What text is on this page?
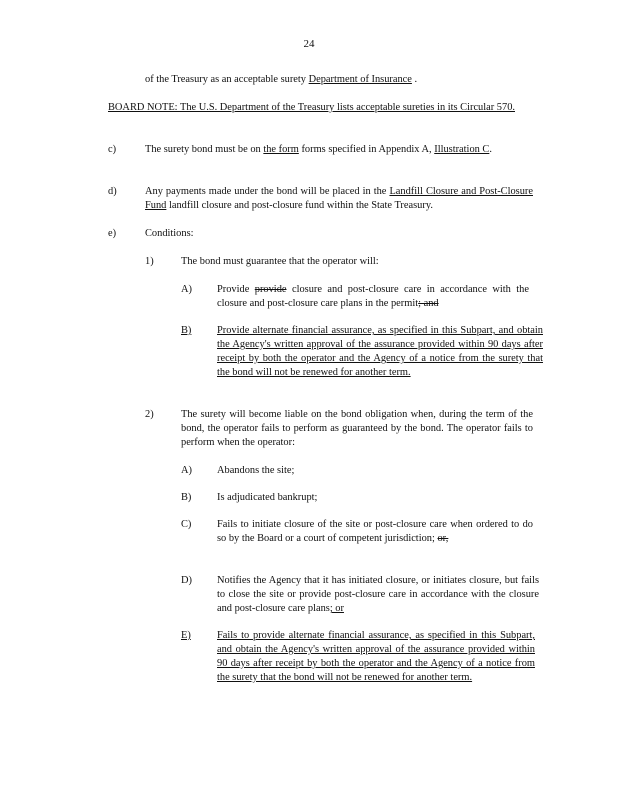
24
of the Treasury as an acceptable surety Department of Insurance .
BOARD NOTE: The U.S. Department of the Treasury lists acceptable sureties in its Circular 570.
c)	The surety bond must be on the form forms specified in Appendix A, Illustration C.
d)	Any payments made under the bond will be placed in the Landfill Closure and Post-Closure Fund landfill closure and post-closure fund within the State Treasury.
e)	Conditions:
1)	The bond must guarantee that the operator will:
A) Provide provide closure and post-closure care in accordance with the closure and post-closure care plans in the permit; and
B) Provide alternate financial assurance, as specified in this Subpart, and obtain the Agency's written approval of the assurance provided within 90 days after receipt by both the operator and the Agency of a notice from the surety that the bond will not be renewed for another term.
2)	The surety will become liable on the bond obligation when, during the term of the bond, the operator fails to perform as guaranteed by the bond. The operator fails to perform when the operator:
A) Abandons the site;
B) Is adjudicated bankrupt;
C) Fails to initiate closure of the site or post-closure care when ordered to do so by the Board or a court of competent jurisdiction; or,
D) Notifies the Agency that it has initiated closure, or initiates closure, but fails to close the site or provide post-closure care in accordance with the closure and post-closure care plans; or
E)	Fails to provide alternate financial assurance, as specified in this Subpart, and obtain the Agency's written approval of the assurance provided within 90 days after receipt by both the operator and the Agency of a notice from the surety that the bond will not be renewed for another term.
